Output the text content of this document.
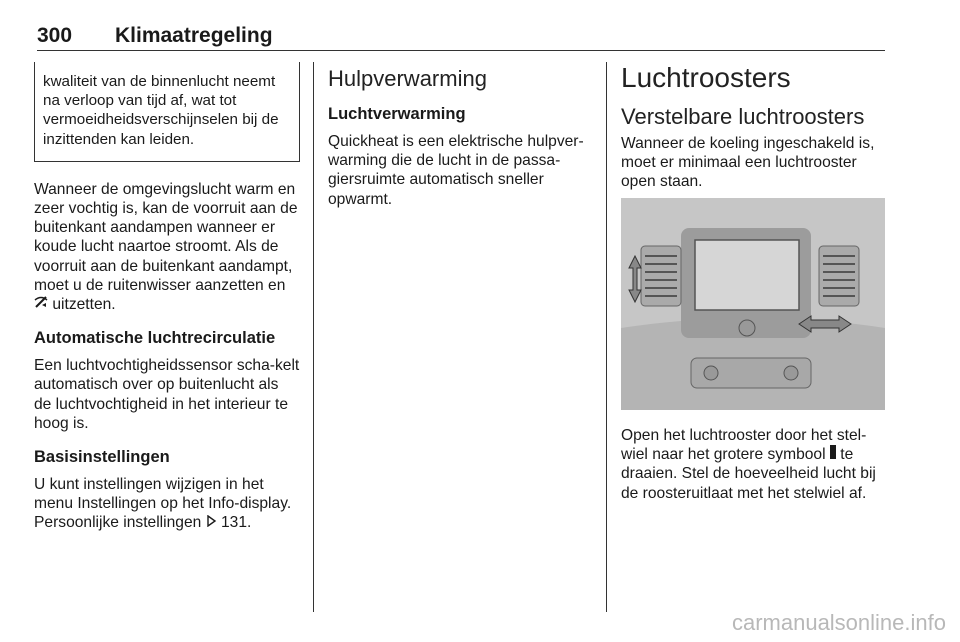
300 Klimaatregeling

kwaliteit van de binnenlucht neemt na verloop van tijd af, wat tot vermoeidheidsverschijnselen bij de inzittenden kan leiden.

Wanneer de omgevingslucht warm en zeer vochtig is, kan de voorruit aan de buitenkant aandampen wanneer er koude lucht naartoe stroomt. Als de voorruit aan de buitenkant aandampt, moet u de ruitenwisser aanzetten en  uitzetten.

Automatische luchtrecirculatie

Een luchtvochtigheidssensor scha-kelt automatisch over op buitenlucht als de luchtvochtigheid in het interieur te hoog is.

Basisinstellingen

U kunt instellingen wijzigen in het menu Instellingen op het Info-display. Persoonlijke instellingen 131.

Hulpverwarming

Luchtverwarming

Quickheat is een elektrische hulpver-warming die de lucht in de passa-giersruimte automatisch sneller opwarmt.

Luchtroosters

Verstelbare luchtroosters

Wanneer de koeling ingeschakeld is, moet er minimaal een luchtrooster open staan.

Open het luchtrooster door het stel-wiel naar het grotere symbool te draaien. Stel de hoeveelheid lucht bij de roosteruitlaat met het stelwiel af.

carmanualsonline.info
